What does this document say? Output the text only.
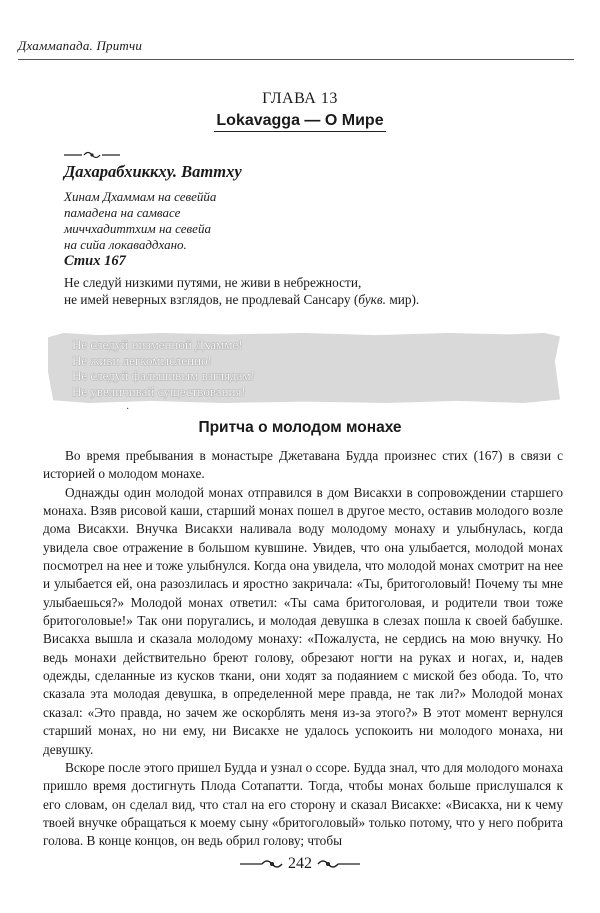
Дхаммапада. Притчи
ГЛАВА 13
Lokavagga — О Мире
Дахарабхиккху. Ваттху
Хинам Дхаммам на севеййа
памадена на самвасе
миччхадиттхим на севейа
на сийа локаваддхано.
Стих 167
Не следуй низкими путями, не живи в небрежности,
не имей неверных взглядов, не продлевай Сансару (букв. мир).
Не следуй низменной Дхамме!
Не живи легкомысленно!
Не следуй фальшивым взглядам!
Не увеличивай существования!
·
Притча о молодом монахе

Во время пребывания в монастыре Джетавана Будда произнес стих (167) в связи с историей о молодом монахе.

Однажды один молодой монах отправился в дом Висакхи в сопровождении старшего монаха. Взяв рисовой каши, старший монах пошел в другое место, оставив молодого возле дома Висакхи. Внучка Висакхи наливала воду молодому монаху и улыбнулась, когда увидела свое отражение в большом кувшине. Увидев, что она улыбается, молодой монах посмотрел на нее и тоже улыбнулся. Когда она увидела, что молодой монах смотрит на нее и улыбается ей, она разозлилась и яростно закричала: «Ты, бритоголовый! Почему ты мне улыбаешься?» Молодой монах ответил: «Ты сама бритоголовая, и родители твои тоже бритоголовые!» Так они поругались, и молодая девушка в слезах пошла к своей бабушке. Висакха вышла и сказала молодому монаху: «Пожалуста, не сердись на мою внучку. Но ведь монахи действительно бреют голову, обрезают ногти на руках и ногах, и, надев одежды, сделанные из кусков ткани, они ходят за подаянием с миской без обода. То, что сказала эта молодая девушка, в определенной мере правда, не так ли?» Молодой монах сказал: «Это правда, но зачем же оскорблять меня из-за этого?» В этот момент вернулся старший монах, но ни ему, ни Висакхе не удалось успокоить ни молодого монаха, ни девушку.

Вскоре после этого пришел Будда и узнал о ссоре. Будда знал, что для молодого монаха пришло время достигнуть Плода Сотапатти. Тогда, чтобы монах больше прислушался к его словам, он сделал вид, что стал на его сторону и сказал Висакхе: «Висакха, ни к чему твоей внучке обращаться к моему сыну «бритоголовый» только потому, что у него побрита голова. В конце концов, он ведь обрил голову; чтобы

242
